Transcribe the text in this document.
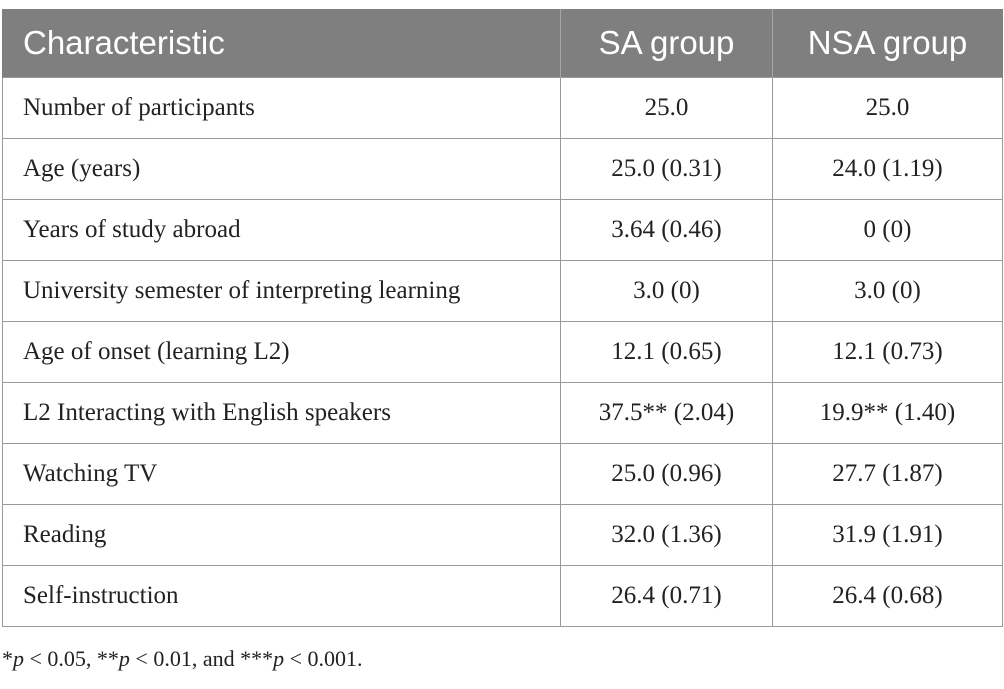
Characteristic	SA group	NSA group
Number of participants	25.0	25.0
Age (years)	25.0 (0.31)	24.0 (1.19)
Years of study abroad	3.64 (0.46)	0 (0)
University semester of interpreting learning	3.0 (0)	3.0 (0)
Age of onset (learning L2)	12.1 (0.65)	12.1 (0.73)
L2 Interacting with English speakers	37.5** (2.04)	19.9** (1.40)
Watching TV	25.0 (0.96)	27.7 (1.87)
Reading	32.0 (1.36)	31.9 (1.91)
Self-instruction	26.4 (0.71)	26.4 (0.68)
*p < 0.05, **p < 0.01, and ***p < 0.001.
